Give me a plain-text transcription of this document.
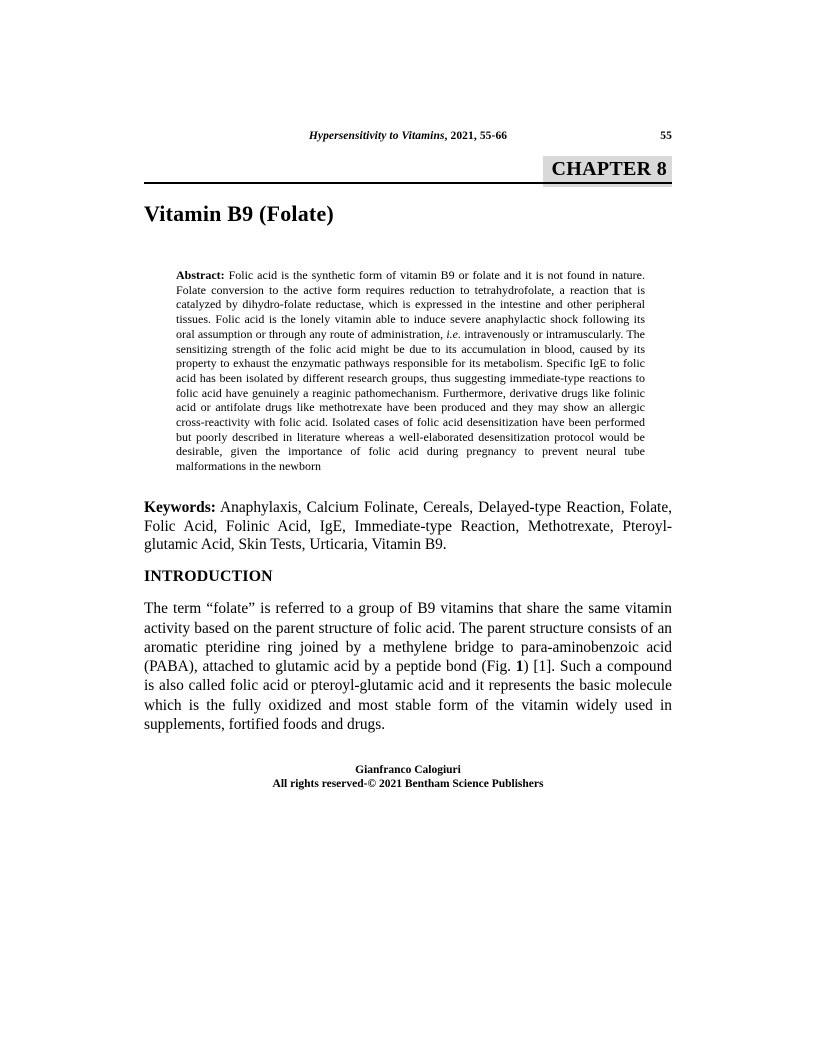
Hypersensitivity to Vitamins, 2021, 55-66	55
CHAPTER 8
Vitamin B9 (Folate)
Abstract: Folic acid is the synthetic form of vitamin B9 or folate and it is not found in nature. Folate conversion to the active form requires reduction to tetrahydrofolate, a reaction that is catalyzed by dihydro-folate reductase, which is expressed in the intestine and other peripheral tissues. Folic acid is the lonely vitamin able to induce severe anaphylactic shock following its oral assumption or through any route of administration, i.e. intravenously or intramuscularly. The sensitizing strength of the folic acid might be due to its accumulation in blood, caused by its property to exhaust the enzymatic pathways responsible for its metabolism. Specific IgE to folic acid has been isolated by different research groups, thus suggesting immediate-type reactions to folic acid have genuinely a reaginic pathomechanism. Furthermore, derivative drugs like folinic acid or antifolate drugs like methotrexate have been produced and they may show an allergic cross-reactivity with folic acid. Isolated cases of folic acid desensitization have been performed but poorly described in literature whereas a well-elaborated desensitization protocol would be desirable, given the importance of folic acid during pregnancy to prevent neural tube malformations in the newborn
Keywords: Anaphylaxis, Calcium Folinate, Cereals, Delayed-type Reaction, Folate, Folic Acid, Folinic Acid, IgE, Immediate-type Reaction, Methotrexate, Pteroyl-glutamic Acid, Skin Tests, Urticaria, Vitamin B9.
INTRODUCTION
The term “folate” is referred to a group of B9 vitamins that share the same vitamin activity based on the parent structure of folic acid. The parent structure consists of an aromatic pteridine ring joined by a methylene bridge to para-aminobenzoic acid (PABA), attached to glutamic acid by a peptide bond (Fig. 1) [1]. Such a compound is also called folic acid or pteroyl-glutamic acid and it represents the basic molecule which is the fully oxidized and most stable form of the vitamin widely used in supplements, fortified foods and drugs.
Gianfranco Calogiuri
All rights reserved-© 2021 Bentham Science Publishers
